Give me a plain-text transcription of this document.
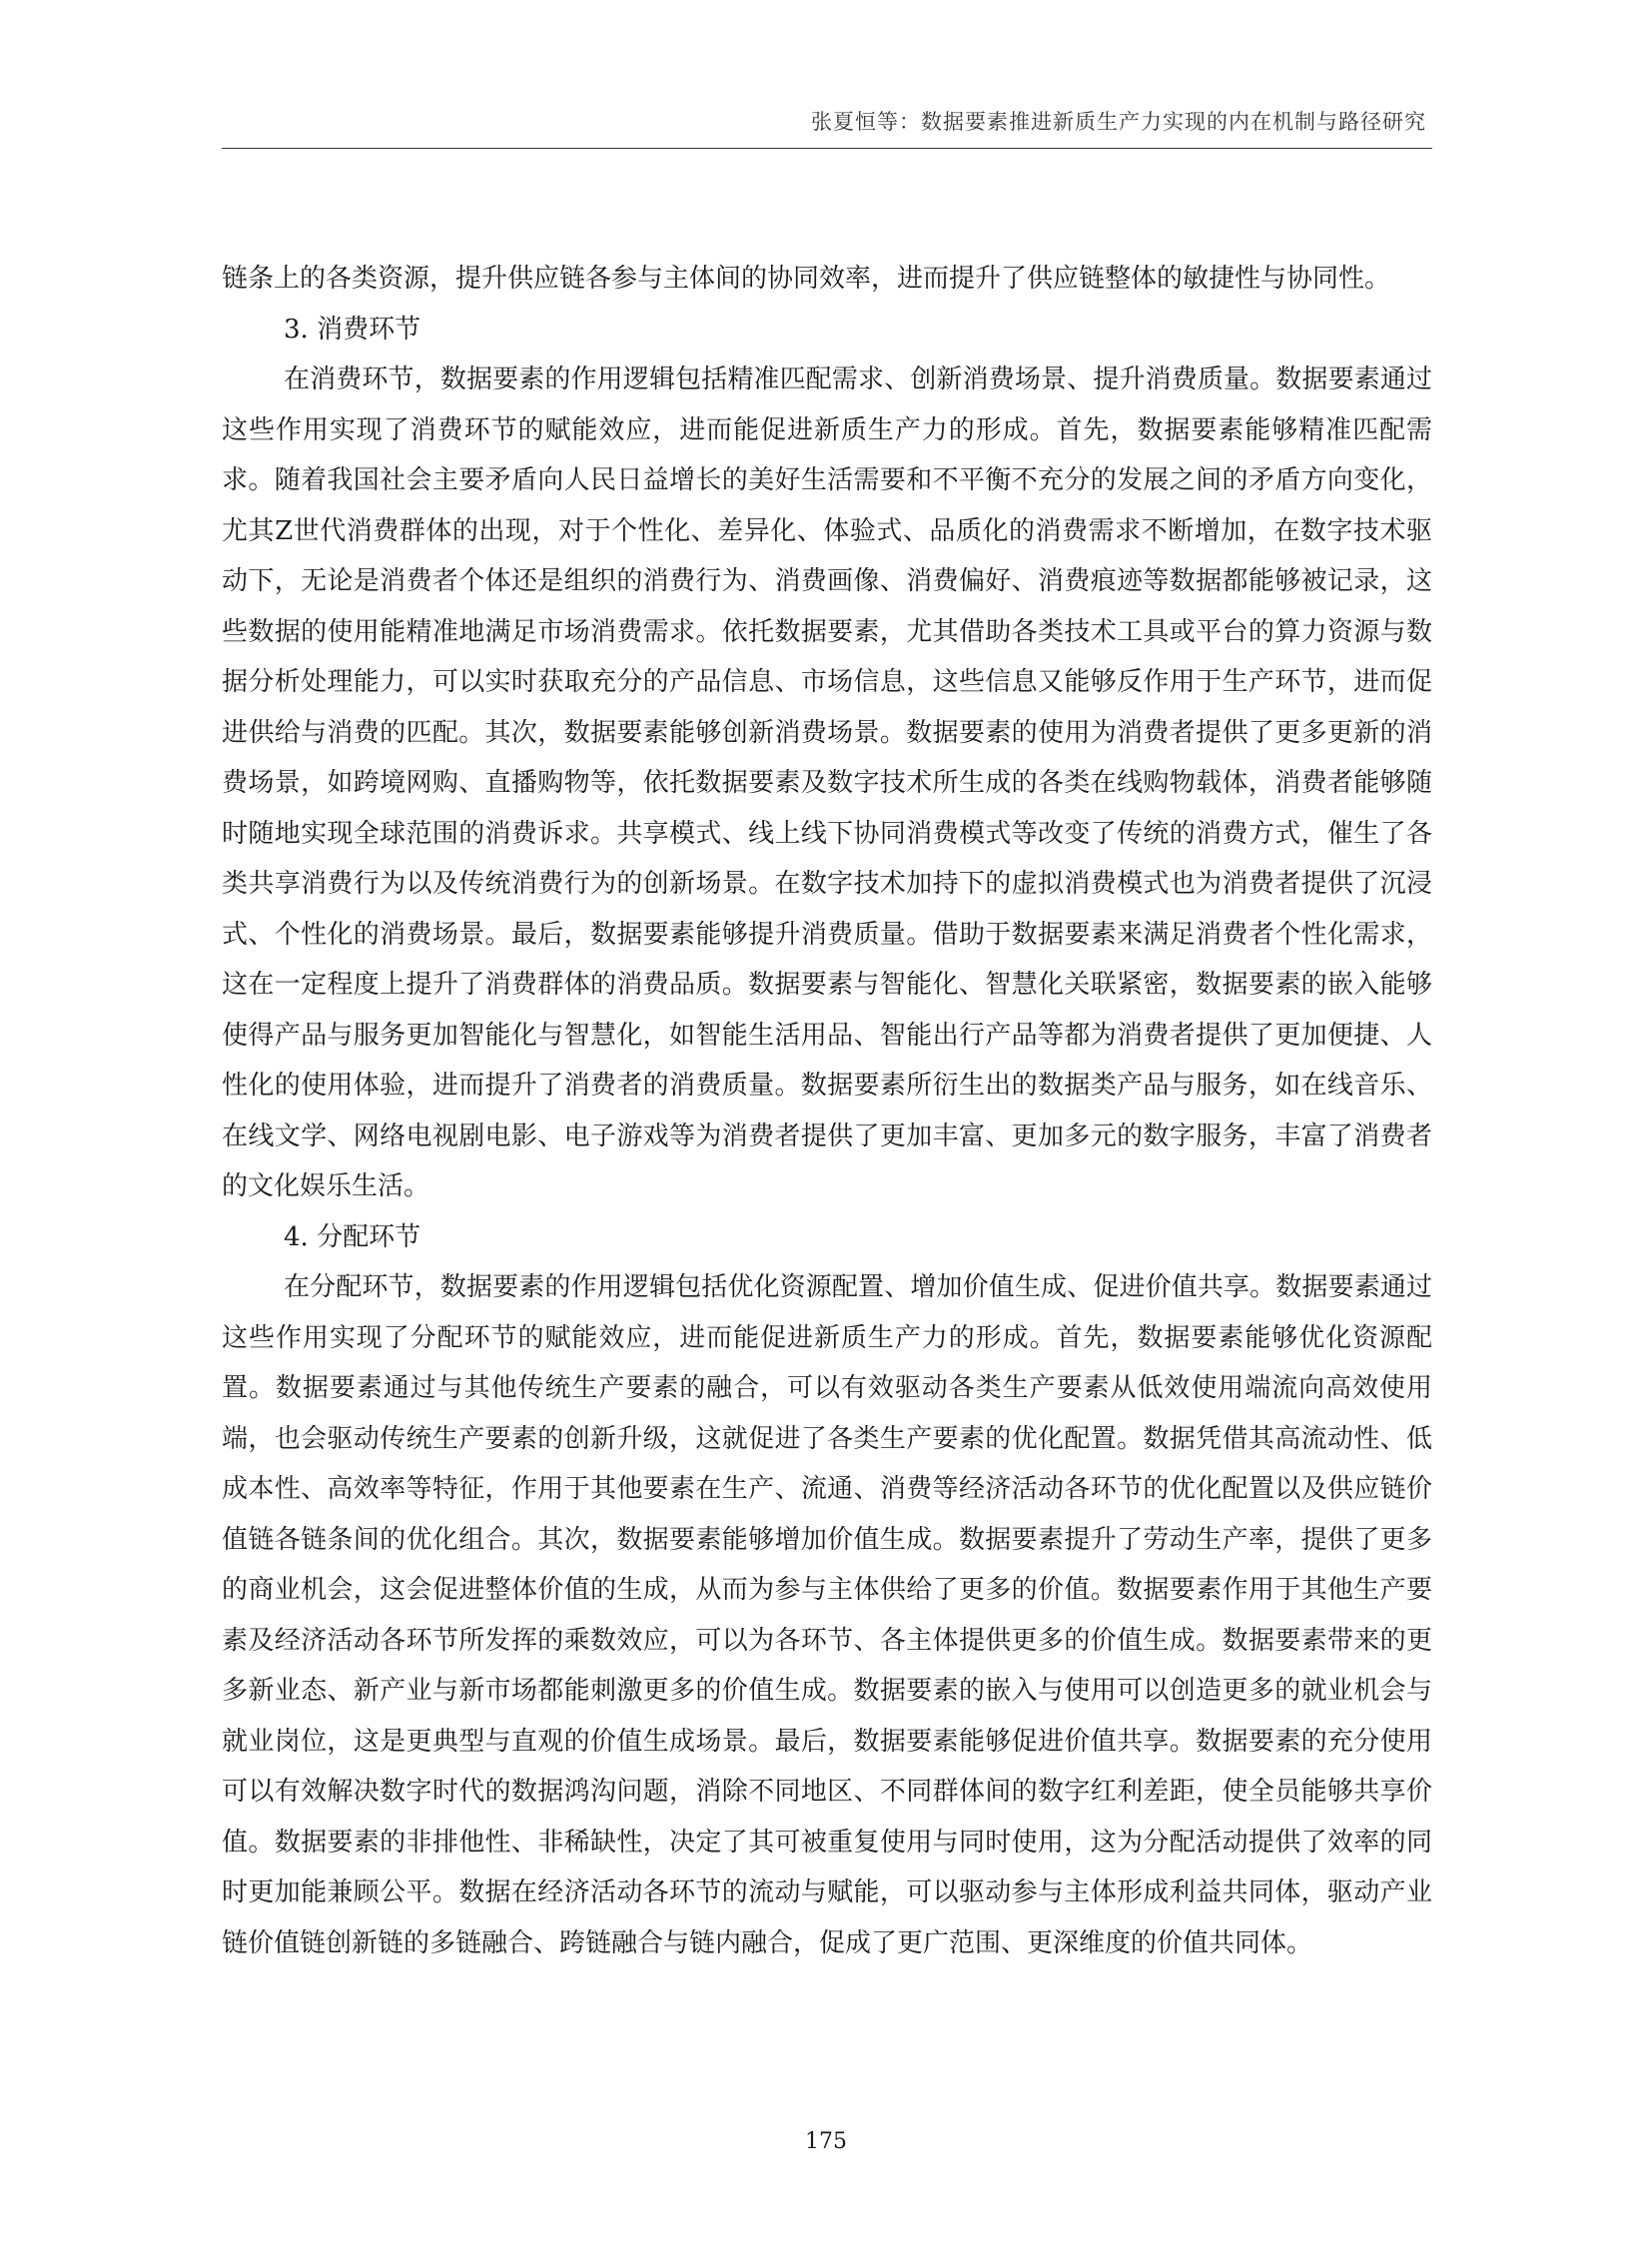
张夏恒等：数据要素推进新质生产力实现的内在机制与路径研究

链条上的各类资源，提升供应链各参与主体间的协同效率，进而提升了供应链整体的敏捷性与协同性。

3. 消费环节

在消费环节，数据要素的作用逻辑包括精准匹配需求、创新消费场景、提升消费质量。数据要素通过这些作用实现了消费环节的赋能效应，进而能促进新质生产力的形成。首先，数据要素能够精准匹配需求。随着我国社会主要矛盾向人民日益增长的美好生活需要和不平衡不充分的发展之间的矛盾方向变化，尤其Z世代消费群体的出现，对于个性化、差异化、体验式、品质化的消费需求不断增加，在数字技术驱动下，无论是消费者个体还是组织的消费行为、消费画像、消费偏好、消费痕迹等数据都能够被记录，这些数据的使用能精准地满足市场消费需求。依托数据要素，尤其借助各类技术工具或平台的算力资源与数据分析处理能力，可以实时获取充分的产品信息、市场信息，这些信息又能够反作用于生产环节，进而促进供给与消费的匹配。其次，数据要素能够创新消费场景。数据要素的使用为消费者提供了更多更新的消费场景，如跨境网购、直播购物等，依托数据要素及数字技术所生成的各类在线购物载体，消费者能够随时随地实现全球范围的消费诉求。共享模式、线上线下协同消费模式等改变了传统的消费方式，催生了各类共享消费行为以及传统消费行为的创新场景。在数字技术加持下的虚拟消费模式也为消费者提供了沉浸式、个性化的消费场景。最后，数据要素能够提升消费质量。借助于数据要素来满足消费者个性化需求，这在一定程度上提升了消费群体的消费品质。数据要素与智能化、智慧化关联紧密，数据要素的嵌入能够使得产品与服务更加智能化与智慧化，如智能生活用品、智能出行产品等都为消费者提供了更加便捷、人性化的使用体验，进而提升了消费者的消费质量。数据要素所衍生出的数据类产品与服务，如在线音乐、在线文学、网络电视剧电影、电子游戏等为消费者提供了更加丰富、更加多元的数字服务，丰富了消费者的文化娱乐生活。

4. 分配环节

在分配环节，数据要素的作用逻辑包括优化资源配置、增加价值生成、促进价值共享。数据要素通过这些作用实现了分配环节的赋能效应，进而能促进新质生产力的形成。首先，数据要素能够优化资源配置。数据要素通过与其他传统生产要素的融合，可以有效驱动各类生产要素从低效使用端流向高效使用端，也会驱动传统生产要素的创新升级，这就促进了各类生产要素的优化配置。数据凭借其高流动性、低成本性、高效率等特征，作用于其他要素在生产、流通、消费等经济活动各环节的优化配置以及供应链价值链各链条间的优化组合。其次，数据要素能够增加价值生成。数据要素提升了劳动生产率，提供了更多的商业机会，这会促进整体价值的生成，从而为参与主体供给了更多的价值。数据要素作用于其他生产要素及经济活动各环节所发挥的乘数效应，可以为各环节、各主体提供更多的价值生成。数据要素带来的更多新业态、新产业与新市场都能刺激更多的价值生成。数据要素的嵌入与使用可以创造更多的就业机会与就业岗位，这是更典型与直观的价值生成场景。最后，数据要素能够促进价值共享。数据要素的充分使用可以有效解决数字时代的数据鸿沟问题，消除不同地区、不同群体间的数字红利差距，使全员能够共享价值。数据要素的非排他性、非稀缺性，决定了其可被重复使用与同时使用，这为分配活动提供了效率的同时更加能兼顾公平。数据在经济活动各环节的流动与赋能，可以驱动参与主体形成利益共同体，驱动产业链价值链创新链的多链融合、跨链融合与链内融合，促成了更广范围、更深维度的价值共同体。

175
